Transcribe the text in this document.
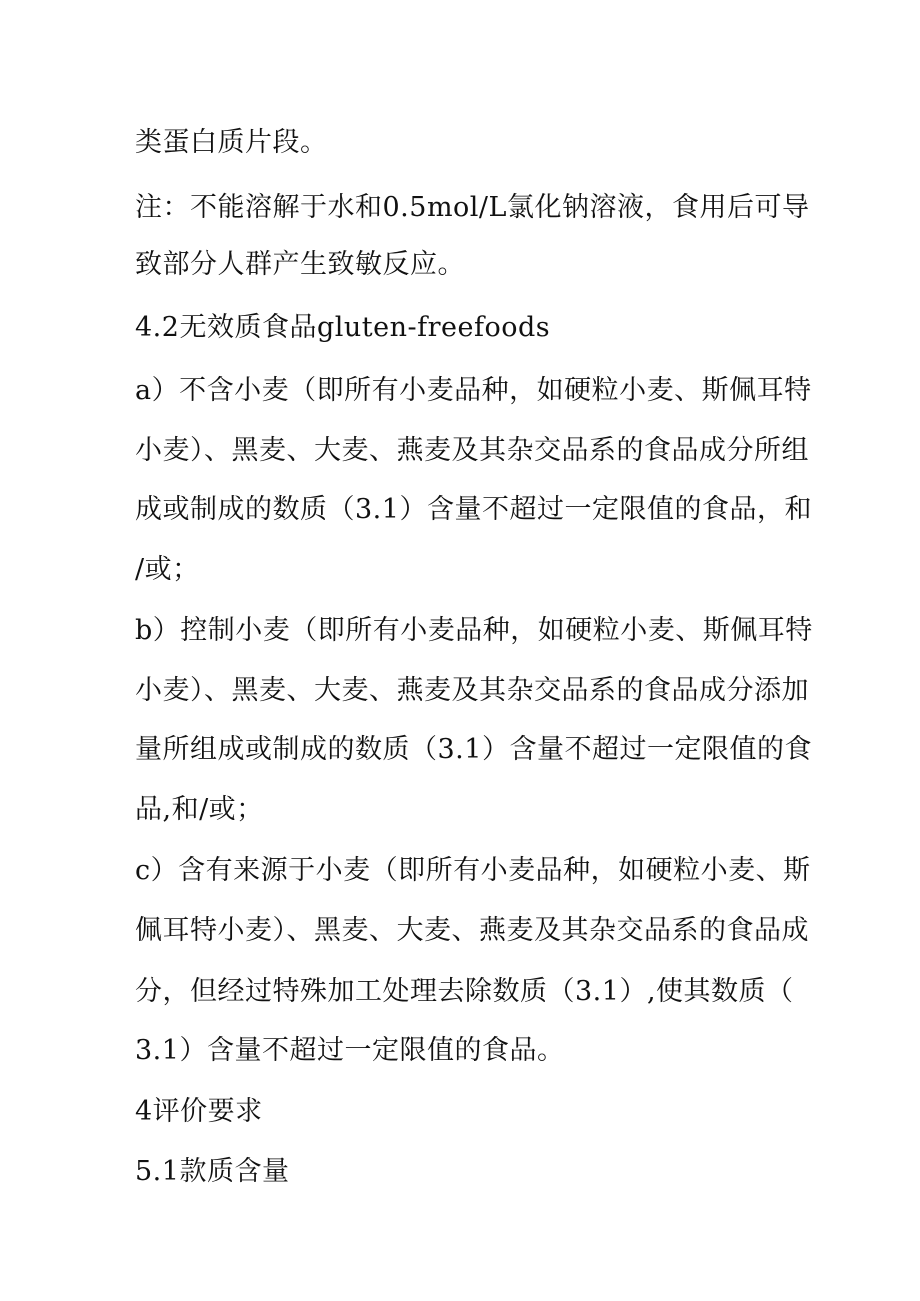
类蛋白质片段。
注：不能溶解于水和0.5mol/L氯化钠溶液，食用后可导
致部分人群产生致敏反应。
4.2无效质食品gluten-freefoods
a）不含小麦（即所有小麦品种，如硬粒小麦、斯佩耳特
小麦）、黑麦、大麦、燕麦及其杂交品系的食品成分所组
成或制成的数质（3.1）含量不超过一定限值的食品，和
/或；
b）控制小麦（即所有小麦品种，如硬粒小麦、斯佩耳特
小麦）、黑麦、大麦、燕麦及其杂交品系的食品成分添加
量所组成或制成的数质（3.1）含量不超过一定限值的食
品,和/或；
c）含有来源于小麦（即所有小麦品种，如硬粒小麦、斯
佩耳特小麦）、黑麦、大麦、燕麦及其杂交品系的食品成
分，但经过特殊加工处理去除数质（3.1）,使其数质（
3.1）含量不超过一定限值的食品。
4评价要求
5.1款质含量
